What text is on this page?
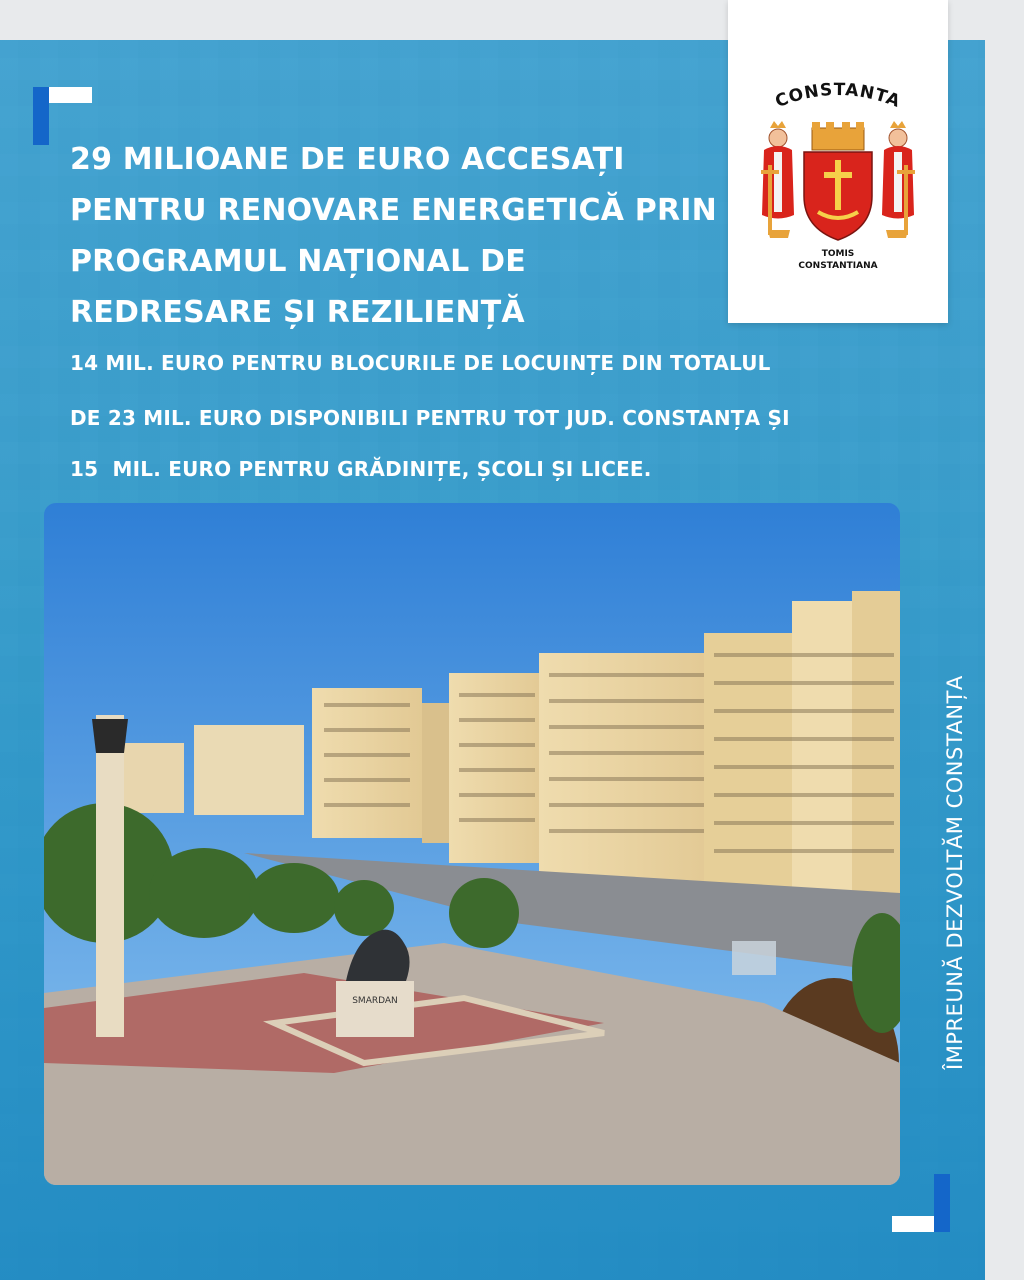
CONSTANTA
TOMIS
CONSTANTIANA
29 MILIOANE DE EURO ACCESAȚI PENTRU RENOVARE ENERGETICĂ PRIN PROGRAMUL NAȚIONAL DE REDRESARE ȘI REZILIENȚĂ

14 MIL. EURO PENTRU BLOCURILE DE LOCUINȚE DIN TOTALUL

DE 23 MIL. EURO DISPONIBILI PENTRU TOT JUD. CONSTANȚA ȘI

15  MIL. EURO PENTRU GRĂDINIȚE, ȘCOLI ȘI LICEE.

SMARDAN	ÎMPREUNĂ DEZVOLTĂM CONSTANȚA
